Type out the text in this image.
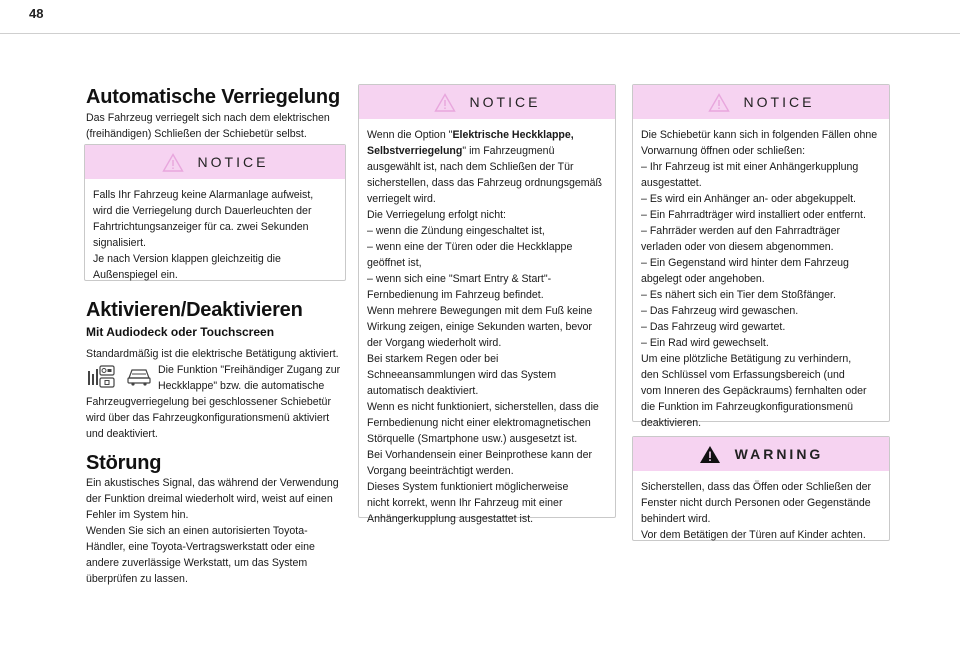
48
Automatische Verriegelung

Das Fahrzeug verriegelt sich nach dem elektrischen
(freihändigen) Schließen der Schiebetür selbst.

NOTICE

Falls Ihr Fahrzeug keine Alarmanlage aufweist,
wird die Verriegelung durch Dauerleuchten der
Fahrtrichtungsanzeiger für ca. zwei Sekunden
signalisiert.
Je nach Version klappen gleichzeitig die
Außenspiegel ein.

Aktivieren/Deaktivieren

Mit Audiodeck oder Touchscreen

Standardmäßig ist die elektrische Betätigung aktiviert.

Die Funktion "Freihändiger Zugang zur
Heckklappe" bzw. die automatische

Fahrzeugverriegelung bei geschlossener Schiebetür
wird über das Fahrzeugkonfigurationsmenü aktiviert
und deaktiviert.

Störung

Ein akustisches Signal, das während der Verwendung
der Funktion dreimal wiederholt wird, weist auf einen
Fehler im System hin.
Wenden Sie sich an einen autorisierten Toyota-
Händler, eine Toyota-Vertragswerkstatt oder eine
andere zuverlässige Werkstatt, um das System
überprüfen zu lassen.

NOTICE

Wenn die Option "Elektrische Heckklappe,
Selbstverriegelung" im Fahrzeugmenü
ausgewählt ist, nach dem Schließen der Tür
sicherstellen, dass das Fahrzeug ordnungsgemäß
verriegelt wird.
Die Verriegelung erfolgt nicht:
– wenn die Zündung eingeschaltet ist,
– wenn eine der Türen oder die Heckklappe
geöffnet ist,
– wenn sich eine "Smart Entry & Start"-
Fernbedienung im Fahrzeug befindet.
Wenn mehrere Bewegungen mit dem Fuß keine
Wirkung zeigen, einige Sekunden warten, bevor
der Vorgang wiederholt wird.
Bei starkem Regen oder bei
Schneeansammlungen wird das System
automatisch deaktiviert.
Wenn es nicht funktioniert, sicherstellen, dass die
Fernbedienung nicht einer elektromagnetischen
Störquelle (Smartphone usw.) ausgesetzt ist.
Bei Vorhandensein einer Beinprothese kann der
Vorgang beeinträchtigt werden.
Dieses System funktioniert möglicherweise
nicht korrekt, wenn Ihr Fahrzeug mit einer
Anhängerkupplung ausgestattet ist.

NOTICE

Die Schiebetür kann sich in folgenden Fällen ohne
Vorwarnung öffnen oder schließen:
– Ihr Fahrzeug ist mit einer Anhängerkupplung
ausgestattet.
– Es wird ein Anhänger an- oder abgekuppelt.
– Ein Fahrradträger wird installiert oder entfernt.
– Fahrräder werden auf den Fahrradträger
verladen oder von diesem abgenommen.
– Ein Gegenstand wird hinter dem Fahrzeug
abgelegt oder angehoben.
– Es nähert sich ein Tier dem Stoßfänger.
– Das Fahrzeug wird gewaschen.
– Das Fahrzeug wird gewartet.
– Ein Rad wird gewechselt.
Um eine plötzliche Betätigung zu verhindern,
den Schlüssel vom Erfassungsbereich (und
vom Inneren des Gepäckraums) fernhalten oder
die Funktion im Fahrzeugkonfigurationsmenü
deaktivieren.

WARNING

Sicherstellen, dass das Öffen oder Schließen der
Fenster nicht durch Personen oder Gegenstände
behindert wird.
Vor dem Betätigen der Türen auf Kinder achten.
